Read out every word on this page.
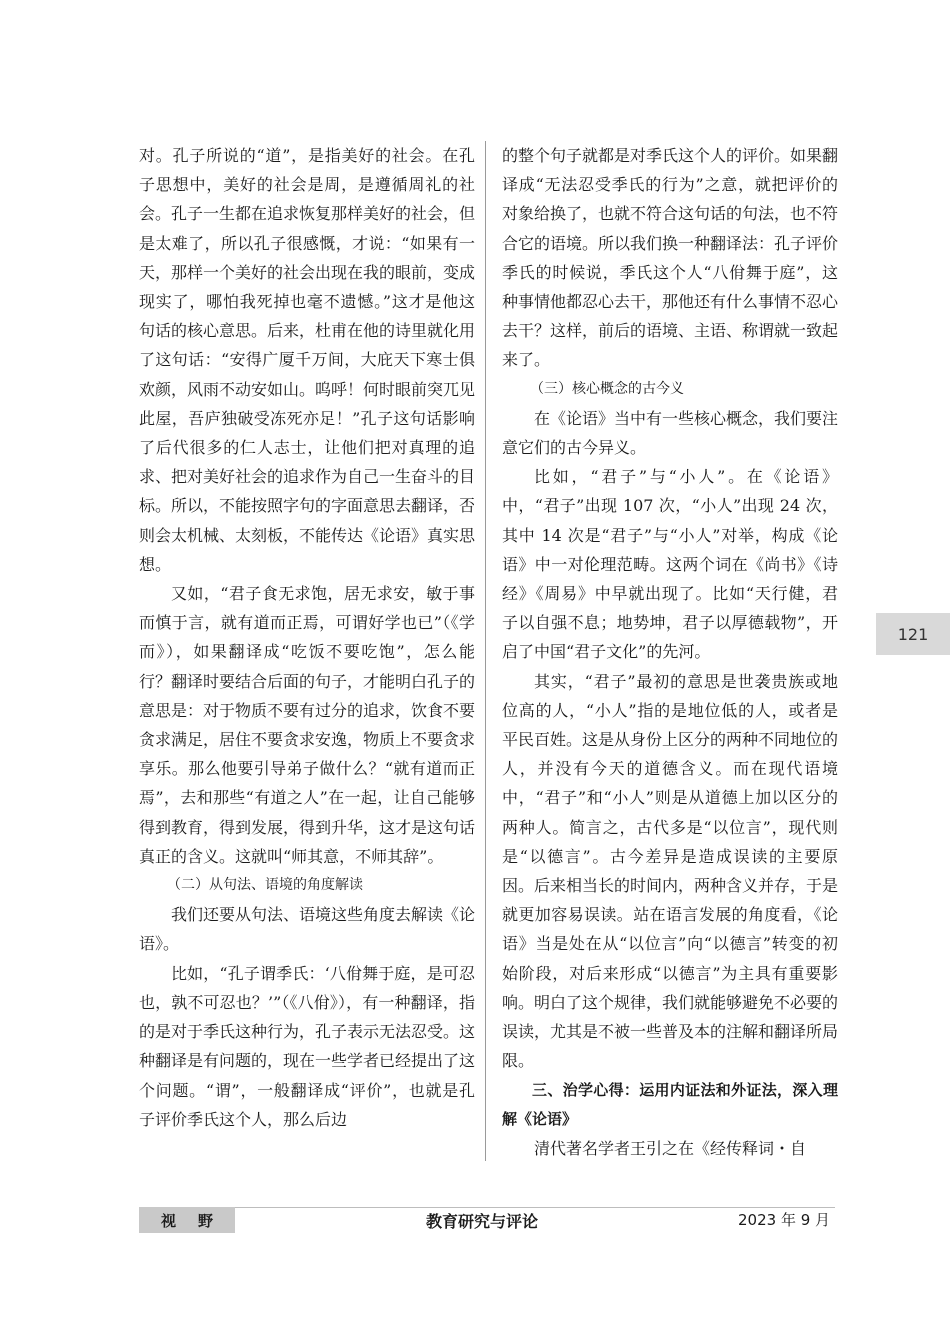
对。孔子所说的“道”，是指美好的社会。在孔子思想中，美好的社会是周，是遵循周礼的社会。孔子一生都在追求恢复那样美好的社会，但是太难了，所以孔子很感慨，才说：“如果有一天，那样一个美好的社会出现在我的眼前，变成现实了，哪怕我死掉也毫不遗憾。”这才是他这句话的核心意思。后来，杜甫在他的诗里就化用了这句话：“安得广厦千万间，大庇天下寒士俱欢颜，风雨不动安如山。呜呼！何时眼前突兀见此屋，吾庐独破受冻死亦足！”孔子这句话影响了后代很多的仁人志士，让他们把对真理的追求、把对美好社会的追求作为自己一生奋斗的目标。所以，不能按照字句的字面意思去翻译，否则会太机械、太刻板，不能传达《论语》真实思想。

又如，“君子食无求饱，居无求安，敏于事而慎于言，就有道而正焉，可谓好学也已”（《学而》），如果翻译成“吃饭不要吃饱”，怎么能行？翻译时要结合后面的句子，才能明白孔子的意思是：对于物质不要有过分的追求，饮食不要贪求满足，居住不要贪求安逸，物质上不要贪求享乐。那么他要引导弟子做什么？“就有道而正焉”，去和那些“有道之人”在一起，让自己能够得到教育，得到发展，得到升华，这才是这句话真正的含义。这就叫“师其意，不师其辞”。

（二）从句法、语境的角度解读

我们还要从句法、语境这些角度去解读《论语》。

比如，“孔子谓季氏：‘八佾舞于庭，是可忍也，孰不可忍也？’”（《八佾》），有一种翻译，指的是对于季氏这种行为，孔子表示无法忍受。这种翻译是有问题的，现在一些学者已经提出了这个问题。“谓”，一般翻译成“评价”，也就是孔子评价季氏这个人，那么后边

的整个句子就都是对季氏这个人的评价。如果翻译成“无法忍受季氏的行为”之意，就把评价的对象给换了，也就不符合这句话的句法，也不符合它的语境。所以我们换一种翻译法：孔子评价季氏的时候说，季氏这个人“八佾舞于庭”，这种事情他都忍心去干，那他还有什么事情不忍心去干？这样，前后的语境、主语、称谓就一致起来了。

（三）核心概念的古今义

在《论语》当中有一些核心概念，我们要注意它们的古今异义。

比如，“君子”与“小人”。在《论语》中，“君子”出现 107 次，“小人”出现 24 次，其中 14 次是“君子”与“小人”对举，构成《论语》中一对伦理范畴。这两个词在《尚书》《诗经》《周易》中早就出现了。比如“天行健，君子以自强不息；地势坤，君子以厚德载物”，开启了中国“君子文化”的先河。

其实，“君子”最初的意思是世袭贵族或地位高的人，“小人”指的是地位低的人，或者是平民百姓。这是从身份上区分的两种不同地位的人，并没有今天的道德含义。而在现代语境中，“君子”和“小人”则是从道德上加以区分的两种人。简言之，古代多是“以位言”，现代则是“以德言”。古今差异是造成误读的主要原因。后来相当长的时间内，两种含义并存，于是就更加容易误读。站在语言发展的角度看，《论语》当是处在从“以位言”向“以德言”转变的初始阶段，对后来形成“以德言”为主具有重要影响。明白了这个规律，我们就能够避免不必要的误读，尤其是不被一些普及本的注解和翻译所局限。

三、治学心得：运用内证法和外证法，深入理解《论语》

清代著名学者王引之在《经传释词・自

121
视野	教育研究与评论	2023 年 9 月
